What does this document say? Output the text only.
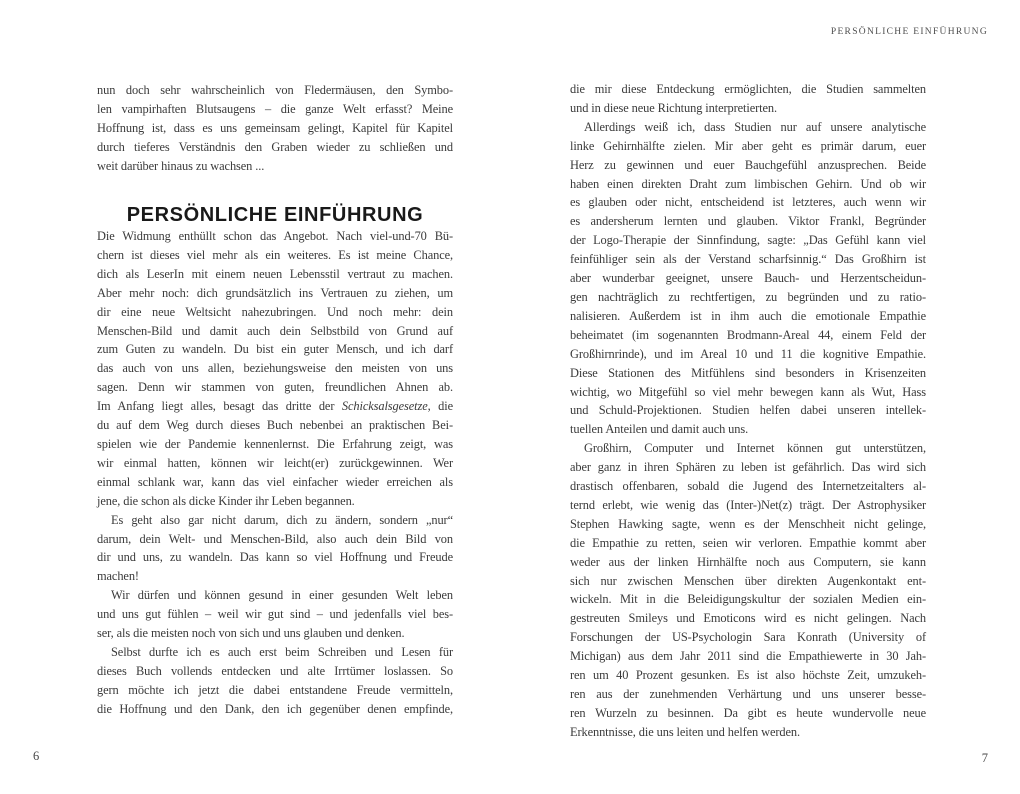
PERSÖNLICHE EINFÜHRUNG
nun doch sehr wahrscheinlich von Fledermäusen, den Symbo-
len vampirhaften Blutsaugens – die ganze Welt erfasst? Meine
Hoffnung ist, dass es uns gemeinsam gelingt, Kapitel für Kapitel
durch tieferes Verständnis den Graben wieder zu schließen und
weit darüber hinaus zu wachsen ...
PERSÖNLICHE EINFÜHRUNG
Die Widmung enthüllt schon das Angebot. Nach viel-und-70 Bü-
chern ist dieses viel mehr als ein weiteres. Es ist meine Chance,
dich als LeserIn mit einem neuen Lebensstil vertraut zu machen.
Aber mehr noch: dich grundsätzlich ins Vertrauen zu ziehen, um
dir eine neue Weltsicht nahezubringen. Und noch mehr: dein
Menschen-Bild und damit auch dein Selbstbild von Grund auf
zum Guten zu wandeln. Du bist ein guter Mensch, und ich darf
das auch von uns allen, beziehungsweise den meisten von uns
sagen. Denn wir stammen von guten, freundlichen Ahnen ab.
Im Anfang liegt alles, besagt das dritte der Schicksalsgesetze, die
du auf dem Weg durch dieses Buch nebenbei an praktischen Bei-
spielen wie der Pandemie kennenlernst. Die Erfahrung zeigt, was
wir einmal hatten, können wir leicht(er) zurückgewinnen. Wer
einmal schlank war, kann das viel einfacher wieder erreichen als
jene, die schon als dicke Kinder ihr Leben begannen.
Es geht also gar nicht darum, dich zu ändern, sondern „nur“
darum, dein Welt- und Menschen-Bild, also auch dein Bild von
dir und uns, zu wandeln. Das kann so viel Hoffnung und Freude
machen!
Wir dürfen und können gesund in einer gesunden Welt leben
und uns gut fühlen – weil wir gut sind – und jedenfalls viel bes-
ser, als die meisten noch von sich und uns glauben und denken.
Selbst durfte ich es auch erst beim Schreiben und Lesen für
dieses Buch vollends entdecken und alte Irrtümer loslassen. So
gern möchte ich jetzt die dabei entstandene Freude vermitteln,
die Hoffnung und den Dank, den ich gegenüber denen empfinde,
die mir diese Entdeckung ermöglichten, die Studien sammelten
und in diese neue Richtung interpretierten.
Allerdings weiß ich, dass Studien nur auf unsere analytische
linke Gehirnhälfte zielen. Mir aber geht es primär darum, euer
Herz zu gewinnen und euer Bauchgefühl anzusprechen. Beide
haben einen direkten Draht zum limbischen Gehirn. Und ob wir
es glauben oder nicht, entscheidend ist letzteres, auch wenn wir
es andersherum lernten und glauben. Viktor Frankl, Begründer
der Logo-Therapie der Sinnfindung, sagte: „Das Gefühl kann viel
feinfühliger sein als der Verstand scharfsinnig.“ Das Großhirn ist
aber wunderbar geeignet, unsere Bauch- und Herzentscheidun-
gen nachträglich zu rechtfertigen, zu begründen und zu ratio-
nalisieren. Außerdem ist in ihm auch die emotionale Empathie
beheimatet (im sogenannten Brodmann-Areal 44, einem Feld der
Großhirnrinde), und im Areal 10 und 11 die kognitive Empathie.
Diese Stationen des Mitfühlens sind besonders in Krisenzeiten
wichtig, wo Mitgefühl so viel mehr bewegen kann als Wut, Hass
und Schuld-Projektionen. Studien helfen dabei unseren intellek-
tuellen Anteilen und damit auch uns.
Großhirn, Computer und Internet können gut unterstützen,
aber ganz in ihren Sphären zu leben ist gefährlich. Das wird sich
drastisch offenbaren, sobald die Jugend des Internetzeitalters al-
ternd erlebt, wie wenig das (Inter-)Net(z) trägt. Der Astrophysiker
Stephen Hawking sagte, wenn es der Menschheit nicht gelinge,
die Empathie zu retten, seien wir verloren. Empathie kommt aber
weder aus der linken Hirnhälfte noch aus Computern, sie kann
sich nur zwischen Menschen über direkten Augenkontakt ent-
wickeln. Mit in die Beleidigungskultur der sozialen Medien ein-
gestreuten Smileys und Emoticons wird es nicht gelingen. Nach
Forschungen der US-Psychologin Sara Konrath (University of
Michigan) aus dem Jahr 2011 sind die Empathiewerte in 30 Jah-
ren um 40 Prozent gesunken. Es ist also höchste Zeit, umzukeh-
ren aus der zunehmenden Verhärtung und uns unserer besse-
ren Wurzeln zu besinnen. Da gibt es heute wundervolle neue
Erkenntnisse, die uns leiten und helfen werden.
6	7
